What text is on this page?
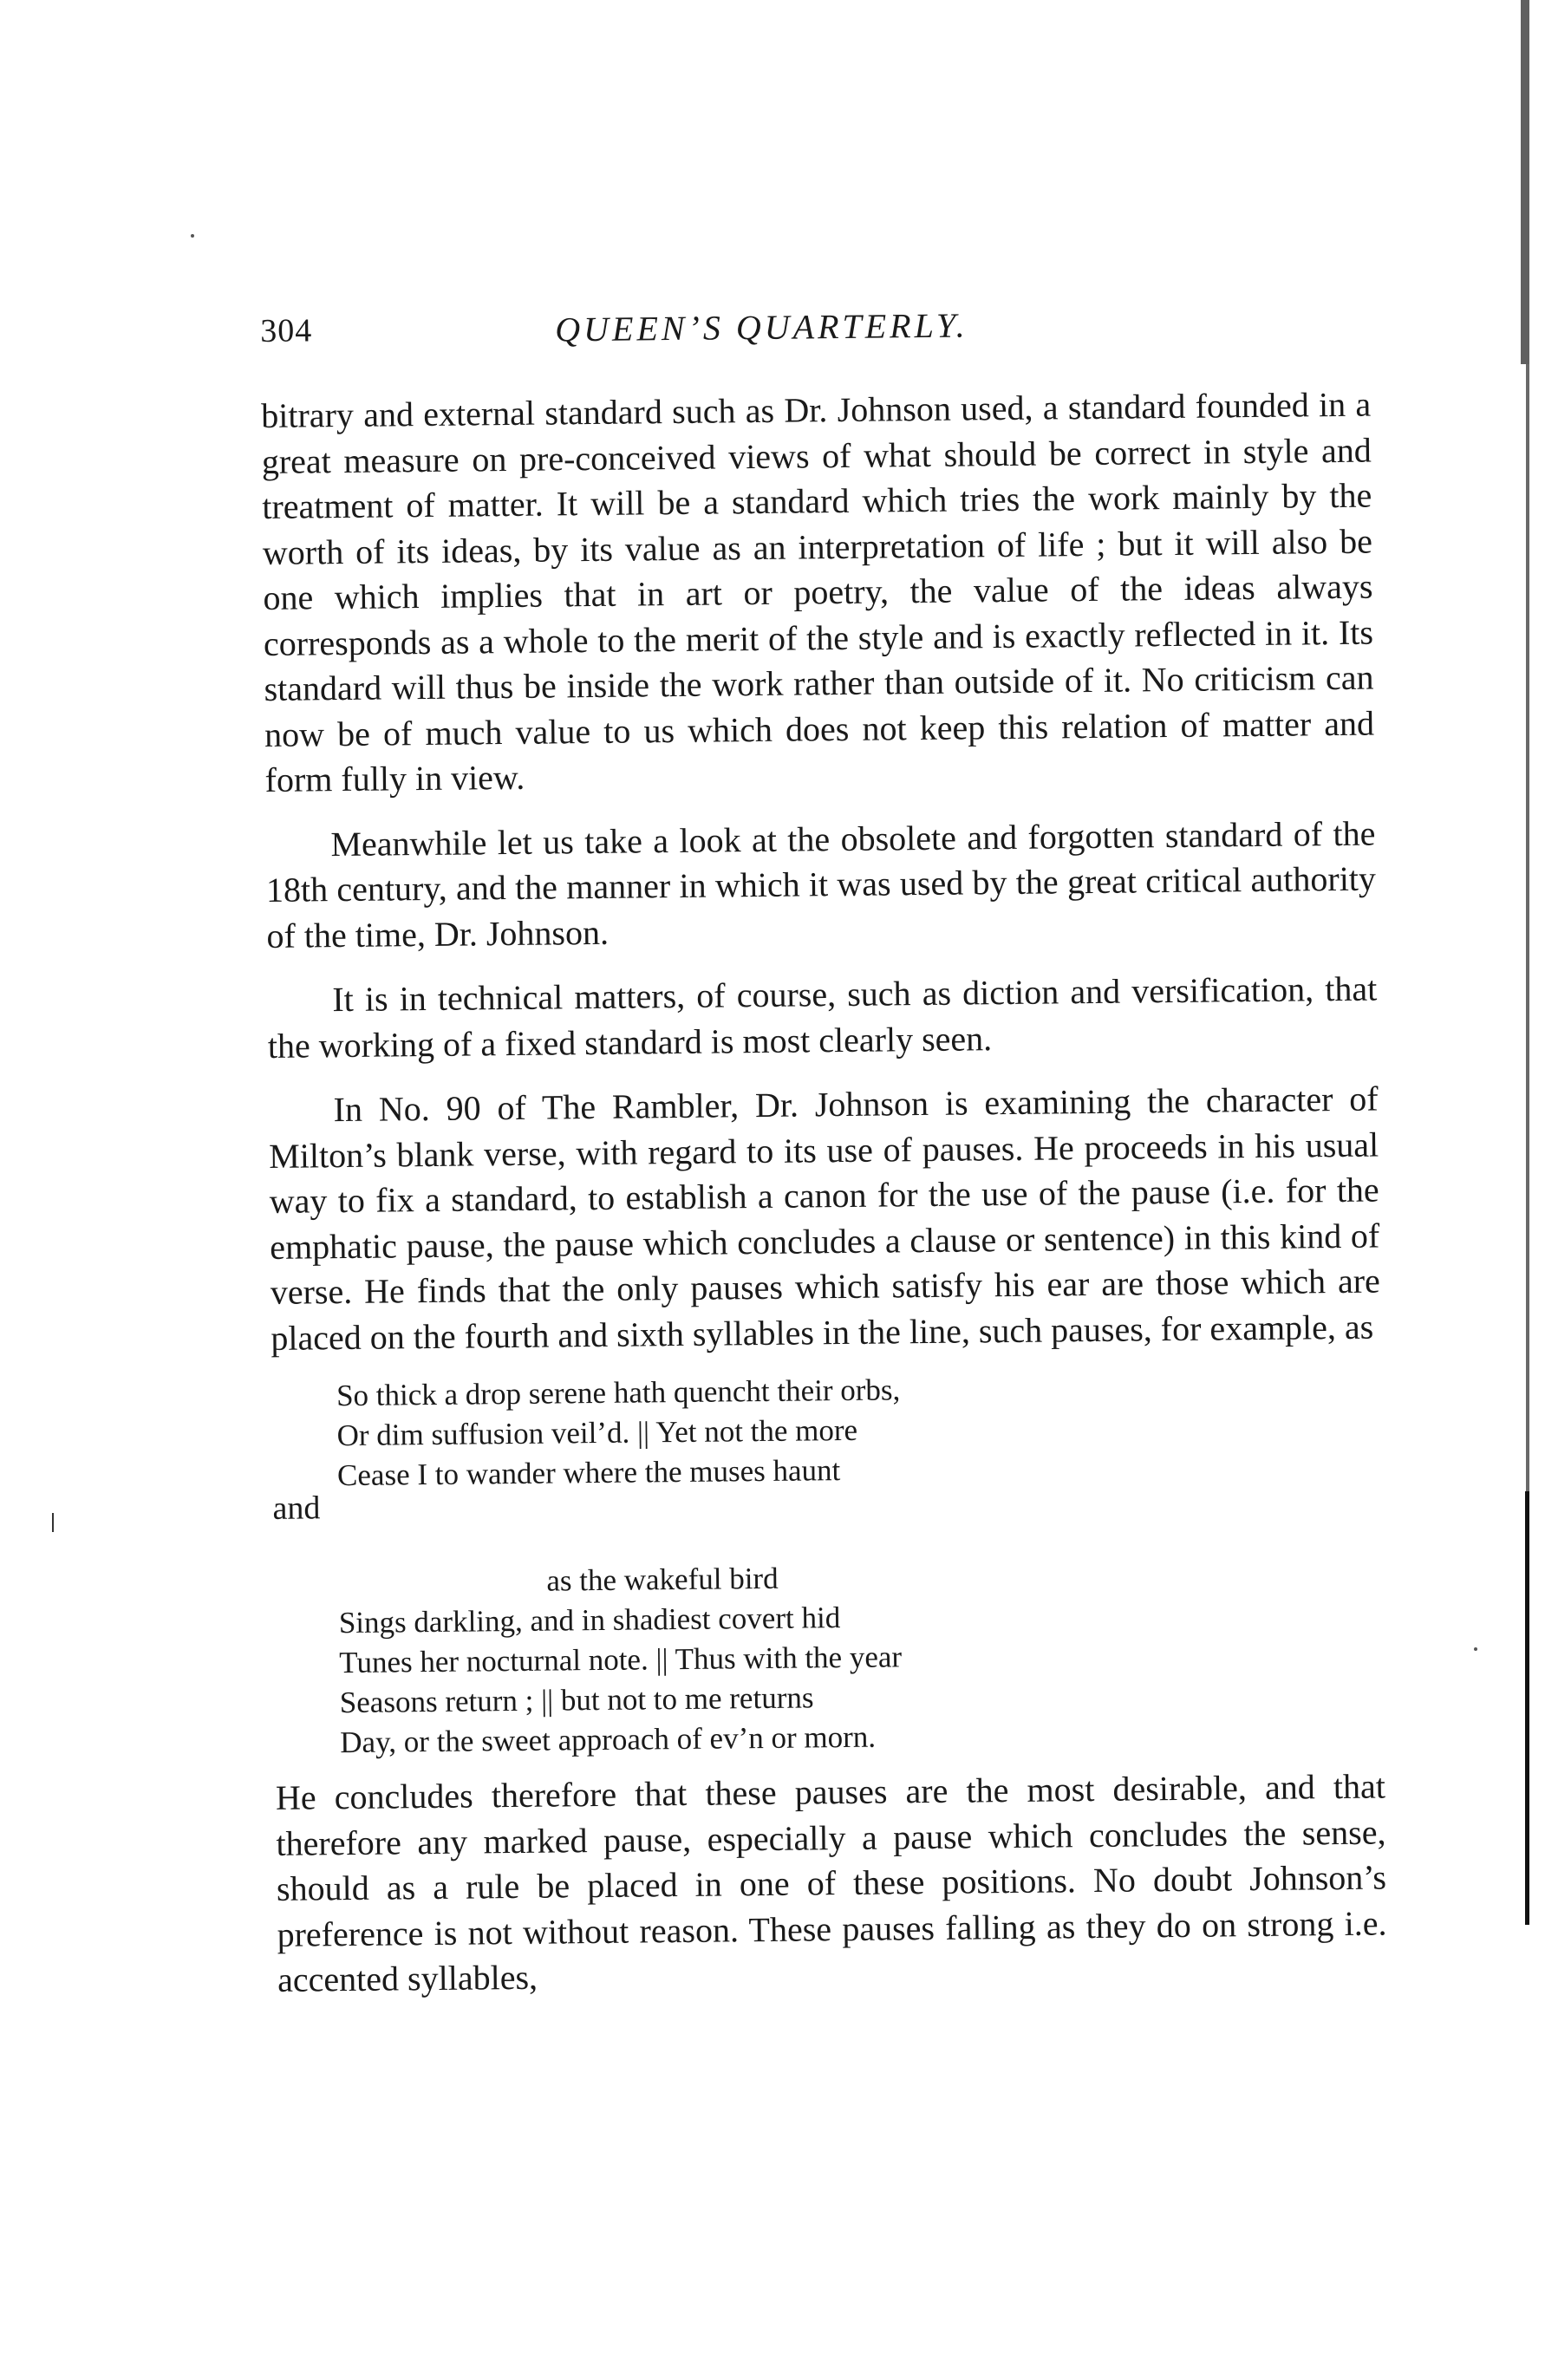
304	QUEEN’S QUARTERLY.

bitrary and external standard such as Dr. Johnson used, a standard founded in a great measure on pre-conceived views of what should be correct in style and treatment of matter. It will be a standard which tries the work mainly by the worth of its ideas, by its value as an interpretation of life ; but it will also be one which implies that in art or poetry, the value of the ideas always corresponds as a whole to the merit of the style and is exactly reflected in it. Its standard will thus be inside the work rather than outside of it. No criticism can now be of much value to us which does not keep this relation of matter and form fully in view.

Meanwhile let us take a look at the obsolete and forgotten standard of the 18th century, and the manner in which it was used by the great critical authority of the time, Dr. Johnson.

It is in technical matters, of course, such as diction and versification, that the working of a fixed standard is most clearly seen.

In No. 90 of The Rambler, Dr. Johnson is examining the character of Milton’s blank verse, with regard to its use of pauses. He proceeds in his usual way to fix a standard, to establish a canon for the use of the pause (i.e. for the emphatic pause, the pause which concludes a clause or sentence) in this kind of verse. He finds that the only pauses which satisfy his ear are those which are placed on the fourth and sixth syllables in the line, such pauses, for example, as

So thick a drop serene hath quencht their orbs,
Or dim suffusion veil’d. || Yet not the more
Cease I to wander where the muses haunt
and
as the wakeful bird
Sings darkling, and in shadiest covert hid
Tunes her nocturnal note. || Thus with the year
Seasons return ; || but not to me returns
Day, or the sweet approach of ev’n or morn.

He concludes therefore that these pauses are the most desirable, and that therefore any marked pause, especially a pause which concludes the sense, should as a rule be placed in one of these positions. No doubt Johnson’s preference is not without reason. These pauses falling as they do on strong i.e. accented syllables,
